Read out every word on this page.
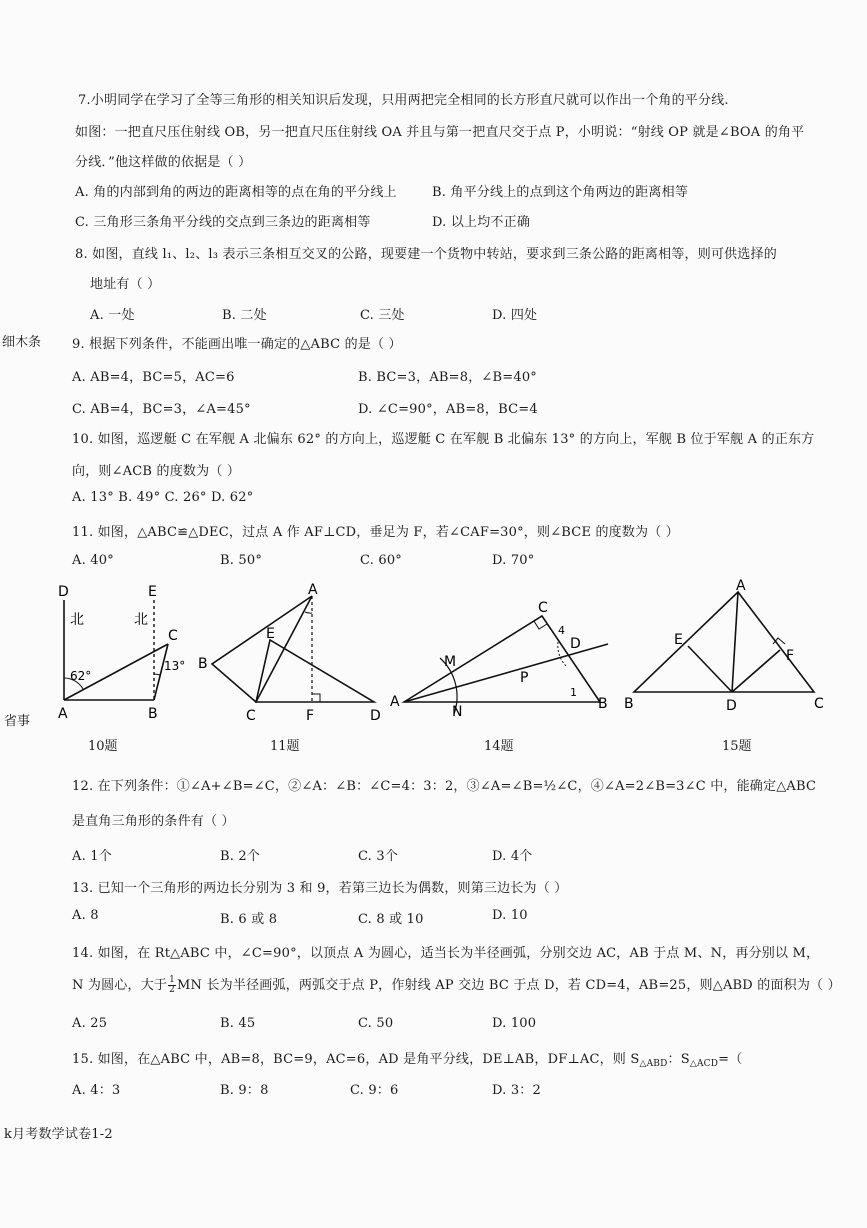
7.小明同学在学习了全等三角形的相关知识后发现，只用两把完全相同的长方形直尺就可以作出一个角的平分线.
如图：一把直尺压住射线 OB，另一把直尺压住射线 OA 并且与第一把直尺交于点 P，小明说：“射线 OP 就是∠BOA 的角平
分线．”他这样做的依据是（ ）
A. 角的内部到角的两边的距离相等的点在角的平分线上	B. 角平分线上的点到这个角两边的距离相等
C. 三角形三条角平分线的交点到三条边的距离相等	D. 以上均不正确
8. 如图，直线 l₁、l₂、l₃ 表示三条相互交叉的公路，现要建一个货物中转站，要求到三条公路的距离相等，则可供选择的
地址有（ ）
A. 一处	B. 二处	C. 三处	D. 四处
细木条 9. 根据下列条件，不能画出唯一确定的△ABC 的是（ ）
A. AB=4，BC=5，AC=6	B. BC=3，AB=8，∠B=40°
C. AB=4，BC=3，∠A=45°	D. ∠C=90°，AB=8，BC=4
10. 如图，巡逻艇 C 在军舰 A 北偏东 62° 的方向上，巡逻艇 C 在军舰 B 北偏东 13° 的方向上，军舰 B 位于军舰 A 的正东方
向，则∠ACB 的度数为（ ）
A. 13° B. 49° C. 26° D. 62°
11. 如图，△ABC≌△DEC，过点 A 作 AF⊥CD，垂足为 F，若∠CAF=30°，则∠BCE 的度数为（ ）
A. 40°	B. 50°	C. 60°	D. 70°
D	E
北	北
C
62°
13°
A	B
A
E
B
C	F	D
C
4
D
M
P
A
N
1
B
A
E
F
B	D	C
省事
10题	11题	14题	15题
12. 在下列条件：①∠A+∠B=∠C，②∠A：∠B：∠C=4：3：2，③∠A=∠B=½∠C，④∠A=2∠B=3∠C 中，能确定△ABC
是直角三角形的条件有（ ）
A. 1个	B. 2个	C. 3个	D. 4个
13. 已知一个三角形的两边长分别为 3 和 9，若第三边长为偶数，则第三边长为（ ）
A. 8	B. 6 或 8	C. 8 或 10	D. 10
14. 如图，在 Rt△ABC 中，∠C=90°，以顶点 A 为圆心，适当长为半径画弧，分别交边 AC，AB 于点 M、N，再分别以 M，
N 为圆心，大于 $\frac{1}{2}$ MN 长为半径画弧，两弧交于点 P，作射线 AP 交边 BC 于点 D，若 CD=4，AB=25，则△ABD 的面积为（ ）
A. 25	B. 45	C. 50	D. 100
15. 如图，在△ABC 中，AB=8，BC=9，AC=6，AD 是角平分线，DE⊥AB，DF⊥AC，则 $S_{\triangle ABD}$：$S_{\triangle ACD}=$（
A. 4：3	B. 9：8	C. 9：6	D. 3：2
k月考数学试卷1-2
